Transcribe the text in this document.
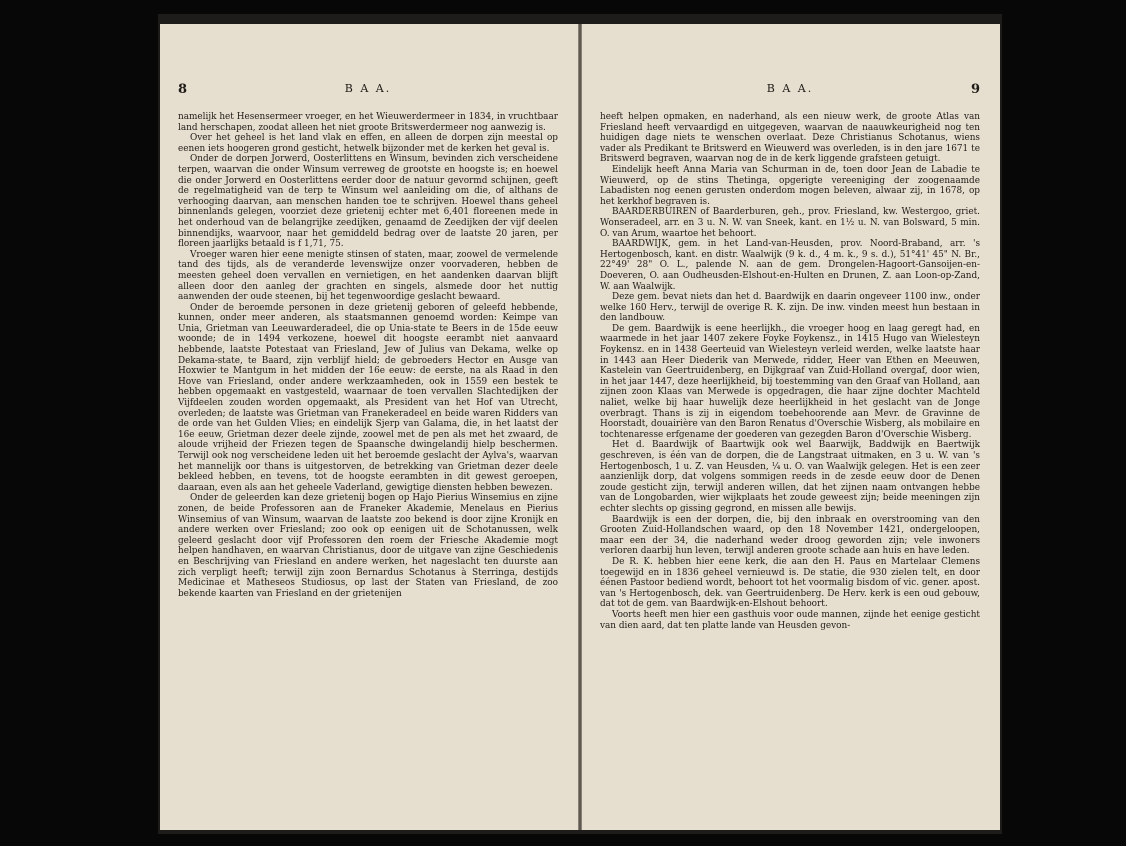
8	B A A.

namelijk het Hesensermeer vroeger, en het Wieuwerdermeer in 1834, in vruchtbaar land herschapen, zoodat alleen het niet groote Britswerdermeer nog aanwezig is.

Over het geheel is het land vlak en effen, en alleen de dorpen zijn meestal op eenen iets hoogeren grond gesticht, hetwelk bijzonder met de kerken het geval is.

Onder de dorpen Jorwerd, Oosterlittens en Winsum, bevinden zich verscheidene terpen, waarvan die onder Winsum verreweg de grootste en hoogste is; en hoewel die onder Jorwerd en Oosterlittens eerder door de natuur gevormd schijnen, geeft de regelmatigheid van de terp te Winsum wel aanleiding om die, of althans de verhooging daarvan, aan menschen handen toe te schrijven. Hoewel thans geheel binnenlands gelegen, voorziet deze grietenij echter met 6,401 floreenen mede in het onderhoud van de belangrijke zeedijken, genaamd de Zeedijken der vijf deelen binnendijks, waarvoor, naar het gemiddeld bedrag over de laatste 20 jaren, per floreen jaarlijks betaald is f 1,71, 75.

Vroeger waren hier eene menigte stinsen of staten, maar, zoowel de vermelende tand des tijds, als de veranderde levenswijze onzer voorvaderen, hebben de meesten geheel doen vervallen en vernietigen, en het aandenken daarvan blijft alleen door den aanleg der grachten en singels, alsmede door het nuttig aanwenden der oude steenen, bij het tegenwoordige geslacht bewaard.

Onder de beroemde personen in deze grietenij geboren of geleefd hebbende, kunnen, onder meer anderen, als staatsmannen genoemd worden: Keimpe van Unia, Grietman van Leeuwarderadeel, die op Unia-state te Beers in de 15de eeuw woonde; de in 1494 verkozene, hoewel dit hoogste eerambt niet aanvaard hebbende, laatste Potestaat van Friesland, Jew of Julius van Dekama, welke op Dekama-state, te Baard, zijn verblijf hield; de gebroeders Hector en Ausge van Hoxwier te Mantgum in het midden der 16e eeuw: de eerste, na als Raad in den Hove van Friesland, onder andere werkzaamheden, ook in 1559 een bestek te hebben opgemaakt en vastgesteld, waarnaar de toen vervallen Slachtedijken der Vijfdeelen zouden worden opgemaakt, als President van het Hof van Utrecht, overleden; de laatste was Grietman van Franekeradeel en beide waren Ridders van de orde van het Gulden Vlies; en eindelijk Sjerp van Galama, die, in het laatst der 16e eeuw, Grietman dezer deele zijnde, zoowel met de pen als met het zwaard, de aloude vrijheid der Friezen tegen de Spaansche dwingelandij hielp beschermen. Terwijl ook nog verscheidene leden uit het beroemde geslacht der Aylva's, waarvan het mannelijk oor thans is uitgestorven, de betrekking van Grietman dezer deele bekleed hebben, en tevens, tot de hoogste eerambten in dit gewest geroepen, daaraan, even als aan het geheele Vaderland, gewigtige diensten hebben bewezen.

Onder de geleerden kan deze grietenij bogen op Hajo Pierius Winsemius en zijne zonen, de beide Professoren aan de Franeker Akademie, Menelaus en Pierius Winsemius of van Winsum, waarvan de laatste zoo bekend is door zijne Kronijk en andere werken over Friesland; zoo ook op eenigen uit de Schotanussen, welk geleerd geslacht door vijf Professoren den roem der Friesche Akademie mogt helpen handhaven, en waarvan Christianus, door de uitgave van zijne Geschiedenis en Beschrijving van Friesland en andere werken, het nageslacht ten duurste aan zich verpligt heeft; terwijl zijn zoon Bernardus Schotanus à Sterringa, destijds Medicinae et Matheseos Studiosus, op last der Staten van Friesland, de zoo bekende kaarten van Friesland en der grietenijen

B A A.	9

heeft helpen opmaken, en naderhand, als een nieuw werk, de groote Atlas van Friesland heeft vervaardigd en uitgegeven, waarvan de naauwkeurigheid nog ten huidigen dage niets te wenschen overlaat. Deze Christianus Schotanus, wiens vader als Predikant te Britswerd en Wieuwerd was overleden, is in den jare 1671 te Britswerd begraven, waarvan nog de in de kerk liggende grafsteen getuigt.

Eindelijk heeft Anna Maria van Schurman in de, toen door Jean de Labadie te Wieuwerd, op de stins Thetinga, opgerigte vereeniging der zoogenaamde Labadisten nog eenen gerusten onderdom mogen beleven, alwaar zij, in 1678, op het kerkhof begraven is.

BAARDERBUIREN of Baarderburen, geh., prov. Friesland, kw. Westergoo, griet. Wonseradeel, arr. en 3 u. N. W. van Sneek, kant. en 1½ u. N. van Bolsward, 5 min. O. van Arum, waartoe het behoort.

BAARDWIJK, gem. in het Land-van-Heusden, prov. Noord-Braband, arr. 's Hertogenbosch, kant. en distr. Waalwijk (9 k. d., 4 m. k., 9 s. d.), 51°41' 45" N. Br., 22°49' 28" O. L., palende N. aan de gem. Drongelen-Hagoort-Gansoijen-en-Doeveren, O. aan Oudheusden-Elshout-en-Hulten en Drunen, Z. aan Loon-op-Zand, W. aan Waalwijk.

Deze gem. bevat niets dan het d. Baardwijk en daarin ongeveer 1100 inw., onder welke 160 Herv., terwijl de overige R. K. zijn. De inw. vinden meest hun bestaan in den landbouw.

De gem. Baardwijk is eene heerlijkh., die vroeger hoog en laag geregt had, en waarmede in het jaar 1407 zekere Foyke Foykensz., in 1415 Hugo van Wielesteyn Foykensz. en in 1438 Geerteuid van Wielesteyn verleid werden, welke laatste haar in 1443 aan Heer Diederik van Merwede, ridder, Heer van Ethen en Meeuwen, Kastelein van Geertruidenberg, en Dijkgraaf van Zuid-Holland overgaf, door wien, in het jaar 1447, deze heerlijkheid, bij toestemming van den Graaf van Holland, aan zijnen zoon Klaas van Merwede is opgedragen, die haar zijne dochter Machteld naliet, welke bij haar huwelijk deze heerlijkheid in het geslacht van de Jonge overbragt. Thans is zij in eigendom toebehoorende aan Mevr. de Gravinne de Hoorstadt, douairière van den Baron Renatus d'Overschie Wisberg, als mobilaire en tochtenaresse erfgename der goederen van gezegden Baron d'Overschie Wisberg.

Het d. Baardwijk of Baartwijk ook wel Baarwijk, Baddwijk en Baertwijk geschreven, is één van de dorpen, die de Langstraat uitmaken, en 3 u. W. van 's Hertogenbosch, 1 u. Z. van Heusden, ¼ u. O. van Waalwijk gelegen. Het is een zeer aanzienlijk dorp, dat volgens sommigen reeds in de zesde eeuw door de Denen zoude gesticht zijn, terwijl anderen willen, dat het zijnen naam ontvangen hebbe van de Longobarden, wier wijkplaats het zoude geweest zijn; beide meeningen zijn echter slechts op gissing gegrond, en missen alle bewijs.

Baardwijk is een der dorpen, die, bij den inbraak en overstrooming van den Grooten Zuid-Hollandschen waard, op den 18 November 1421, ondergeloopen, maar een der 34, die naderhand weder droog geworden zijn; vele inwoners verloren daarbij hun leven, terwijl anderen groote schade aan huis en have leden.

De R. K. hebben hier eene kerk, die aan den H. Paus en Martelaar Clemens toegewijd en in 1836 geheel vernieuwd is. De statie, die 930 zielen telt, en door éénen Pastoor bediend wordt, behoort tot het voormalig bisdom of vic. gener. apost. van 's Hertogenbosch, dek. van Geertruidenberg. De Herv. kerk is een oud gebouw, dat tot de gem. van Baardwijk-en-Elshout behoort.

Voorts heeft men hier een gasthuis voor oude mannen, zijnde het eenige gesticht van dien aard, dat ten platte lande van Heusden gevon-
